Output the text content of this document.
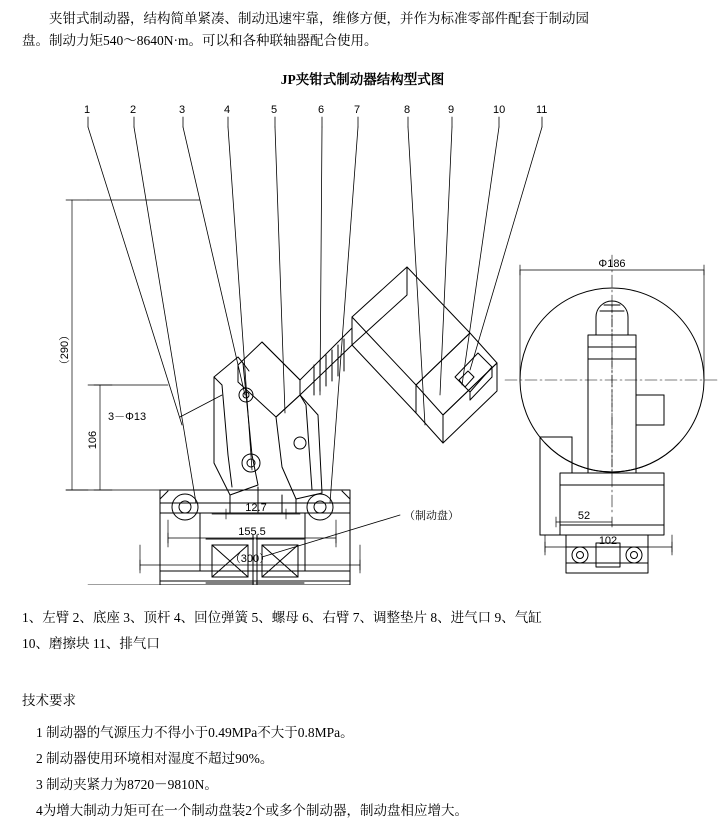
夹钳式制动器，结构简单紧凑、制动迅速牢靠，维修方便，并作为标准零部件配套于制动园

盘。制动力矩540～8640N·m。可以和各种联轴器配合使用。

JP夹钳式制动器结构型式图
1	2	3	4	5	6	7	8	9	10	11
3－Φ13
（制动盘）
（290）
106
12.7
155.5
（300）
Φ186
52
102

1、左臂 2、底座 3、顶杆 4、回位弹簧 5、螺母 6、右臂 7、调整垫片 8、进气口 9、气缸

10、磨擦块 11、排气口

技术要求

1 制动器的气源压力不得小于0.49MPa不大于0.8MPa。

2 制动器使用环境相对湿度不超过90%。

3 制动夹紧力为8720－9810N。

4为增大制动力矩可在一个制动盘装2个或多个制动器，制动盘相应增大。
